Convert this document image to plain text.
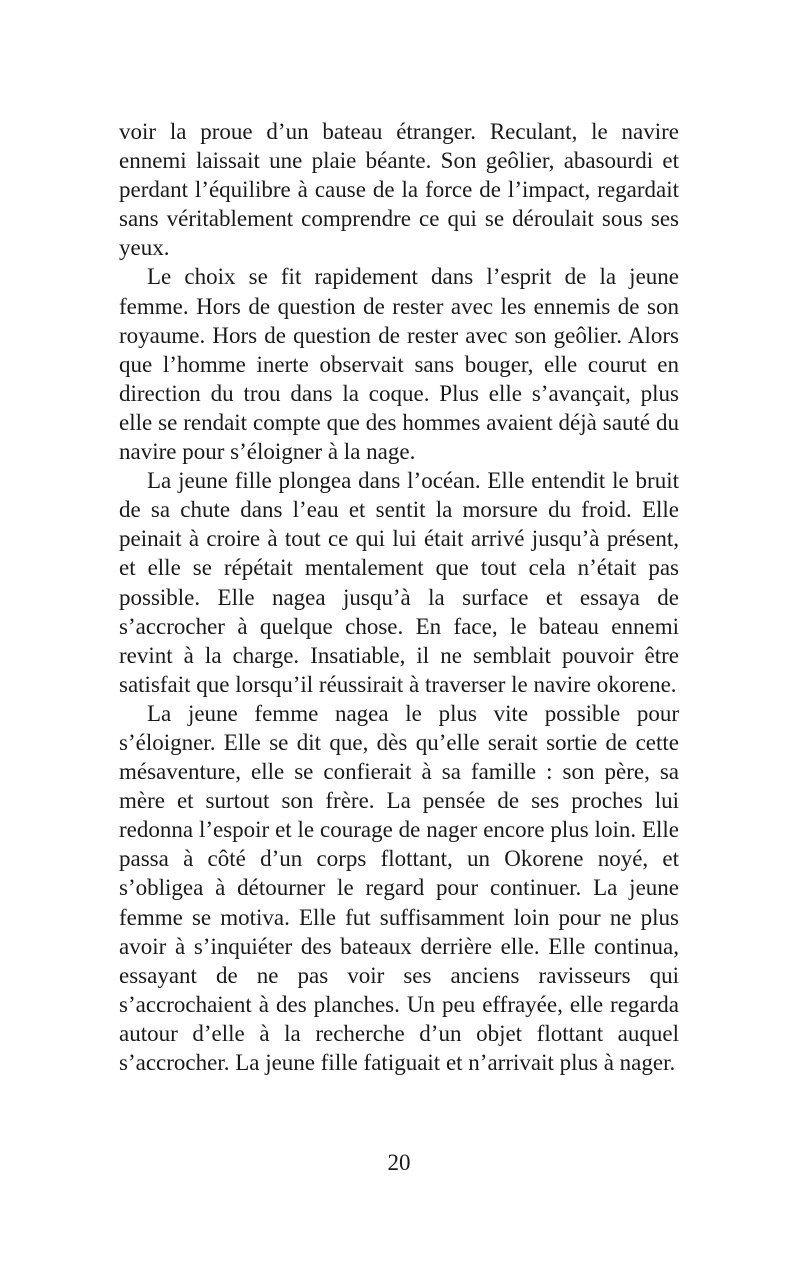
voir la proue d’un bateau étranger. Reculant, le navire ennemi laissait une plaie béante. Son geôlier, abasourdi et perdant l’équilibre à cause de la force de l’impact, regardait sans véritablement comprendre ce qui se déroulait sous ses yeux.

Le choix se fit rapidement dans l’esprit de la jeune femme. Hors de question de rester avec les ennemis de son royaume. Hors de question de rester avec son geôlier. Alors que l’homme inerte observait sans bouger, elle courut en direction du trou dans la coque. Plus elle s’avançait, plus elle se rendait compte que des hommes avaient déjà sauté du navire pour s’éloigner à la nage.

La jeune fille plongea dans l’océan. Elle entendit le bruit de sa chute dans l’eau et sentit la morsure du froid. Elle peinait à croire à tout ce qui lui était arrivé jusqu’à présent, et elle se répétait mentalement que tout cela n’était pas possible. Elle nagea jusqu’à la surface et essaya de s’accrocher à quelque chose. En face, le bateau ennemi revint à la charge. Insatiable, il ne semblait pouvoir être satisfait que lorsqu’il réussirait à traverser le navire okorene.

La jeune femme nagea le plus vite possible pour s’éloigner. Elle se dit que, dès qu’elle serait sortie de cette mésaventure, elle se confierait à sa famille : son père, sa mère et surtout son frère. La pensée de ses proches lui redonna l’espoir et le courage de nager encore plus loin. Elle passa à côté d’un corps flottant, un Okorene noyé, et s’obligea à détourner le regard pour continuer. La jeune femme se motiva. Elle fut suffisamment loin pour ne plus avoir à s’inquiéter des bateaux derrière elle. Elle continua, essayant de ne pas voir ses anciens ravisseurs qui s’accrochaient à des planches. Un peu effrayée, elle regarda autour d’elle à la recherche d’un objet flottant auquel s’accrocher. La jeune fille fatiguait et n’arrivait plus à nager.

20
